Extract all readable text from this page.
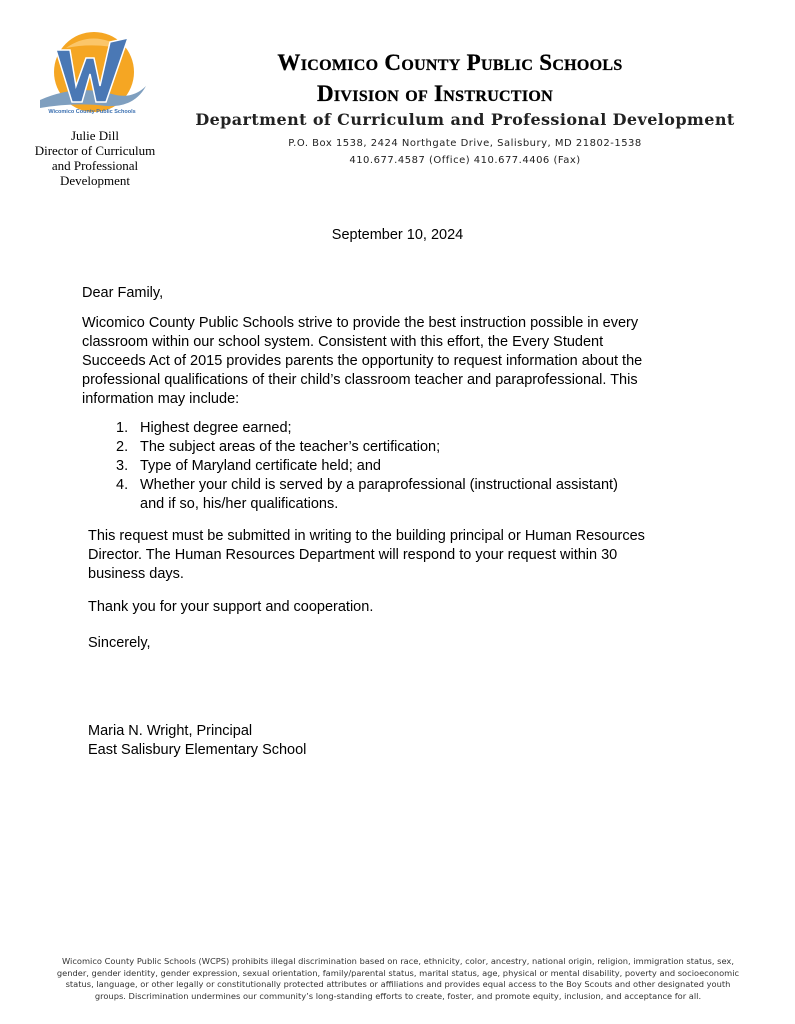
Wicomico County Public Schools
Julie Dill
Director of Curriculum
and Professional
Development
Wicomico County Public Schools
Division of Instruction
Department of Curriculum and Professional Development
P.O. Box 1538, 2424 Northgate Drive, Salisbury, MD 21802-1538
410.677.4587 (Office) 410.677.4406 (Fax)
September 10, 2024
Dear Family,
Wicomico County Public Schools strive to provide the best instruction possible in every
classroom within our school system. Consistent with this effort, the Every Student
Succeeds Act of 2015 provides parents the opportunity to request information about the
professional qualifications of their child’s classroom teacher and paraprofessional. This
information may include:
1. Highest degree earned;
2. The subject areas of the teacher’s certification;
3. Type of Maryland certificate held; and
4. Whether your child is served by a paraprofessional (instructional assistant)
and if so, his/her qualifications.
This request must be submitted in writing to the building principal or Human Resources
Director. The Human Resources Department will respond to your request within 30
business days.
Thank you for your support and cooperation.
Sincerely,
Maria N. Wright, Principal
East Salisbury Elementary School
Wicomico County Public Schools (WCPS) prohibits illegal discrimination based on race, ethnicity, color, ancestry, national origin, religion, immigration status, sex,
gender, gender identity, gender expression, sexual orientation, family/parental status, marital status, age, physical or mental disability, poverty and socioeconomic
status, language, or other legally or constitutionally protected attributes or affiliations and provides equal access to the Boy Scouts and other designated youth
groups. Discrimination undermines our community’s long-standing efforts to create, foster, and promote equity, inclusion, and acceptance for all.
